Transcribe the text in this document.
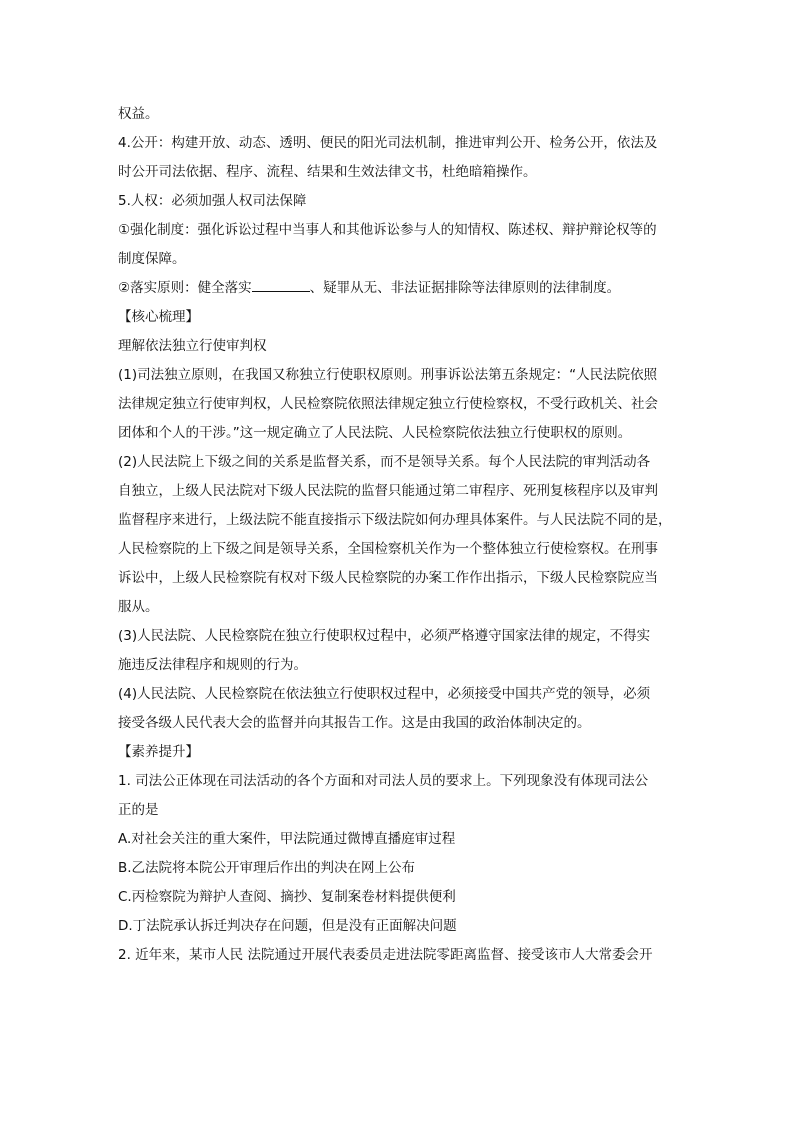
权益。
4.公开：构建开放、动态、透明、便民的阳光司法机制，推进审判公开、检务公开，依法及
时公开司法依据、程序、流程、结果和生效法律文书，杜绝暗箱操作。
5.人权：必须加强人权司法保障
①强化制度：强化诉讼过程中当事人和其他诉讼参与人的知情权、陈述权、辩护辩论权等的
制度保障。
②落实原则：健全落实	、疑罪从无、非法证据排除等法律原则的法律制度。
【核心梳理】
理解依法独立行使审判权
(1)司法独立原则，在我国又称独立行使职权原则。刑事诉讼法第五条规定：“人民法院依照
法律规定独立行使审判权，人民检察院依照法律规定独立行使检察权，不受行政机关、社会
团体和个人的干涉。”这一规定确立了人民法院、人民检察院依法独立行使职权的原则。
(2)人民法院上下级之间的关系是监督关系，而不是领导关系。每个人民法院的审判活动各
自独立，上级人民法院对下级人民法院的监督只能通过第二审程序、死刑复核程序以及审判
监督程序来进行，上级法院不能直接指示下级法院如何办理具体案件。与人民法院不同的是，
人民检察院的上下级之间是领导关系，全国检察机关作为一个整体独立行使检察权。在刑事
诉讼中，上级人民检察院有权对下级人民检察院的办案工作作出指示，下级人民检察院应当
服从。
(3)人民法院、人民检察院在独立行使职权过程中，必须严格遵守国家法律的规定，不得实
施违反法律程序和规则的行为。
(4)人民法院、人民检察院在依法独立行使职权过程中，必须接受中国共产党的领导，必须
接受各级人民代表大会的监督并向其报告工作。这是由我国的政治体制决定的。
【素养提升】
1. 司法公正体现在司法活动的各个方面和对司法人员的要求上。下列现象没有体现司法公
正的是
A.对社会关注的重大案件，甲法院通过微博直播庭审过程
B.乙法院将本院公开审理后作出的判决在网上公布
C.丙检察院为辩护人查阅、摘抄、复制案卷材料提供便利
D.丁法院承认拆迁判决存在问题，但是没有正面解决问题
2. 近年来，某市人民 法院通过开展代表委员走进法院零距离监督、接受该市人大常委会开
